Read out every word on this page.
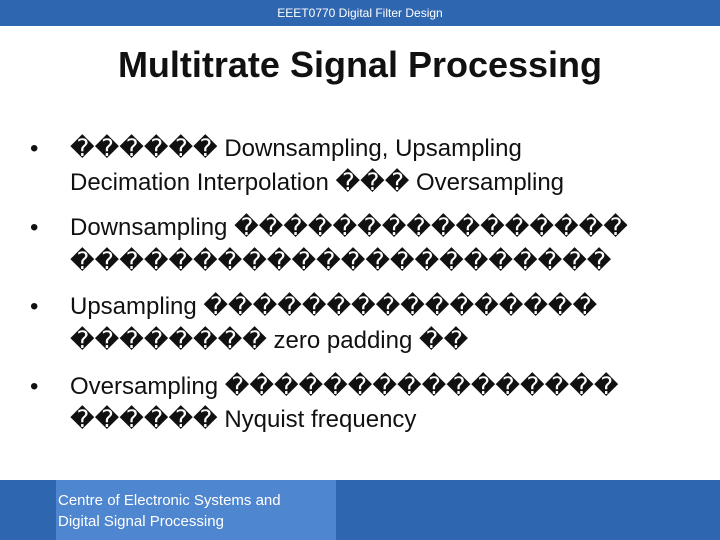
EEET0770 Digital Filter Design
Multitrate Signal Processing
• ������ Downsampling, Upsampling
Decimation Interpolation ��� Oversampling
• Downsampling ����������������
����������������������
• Upsampling ����������������
�������� zero padding ��
• Oversampling ����������������
������ Nyquist frequency
Centre of Electronic Systems and
Digital Signal Processing
